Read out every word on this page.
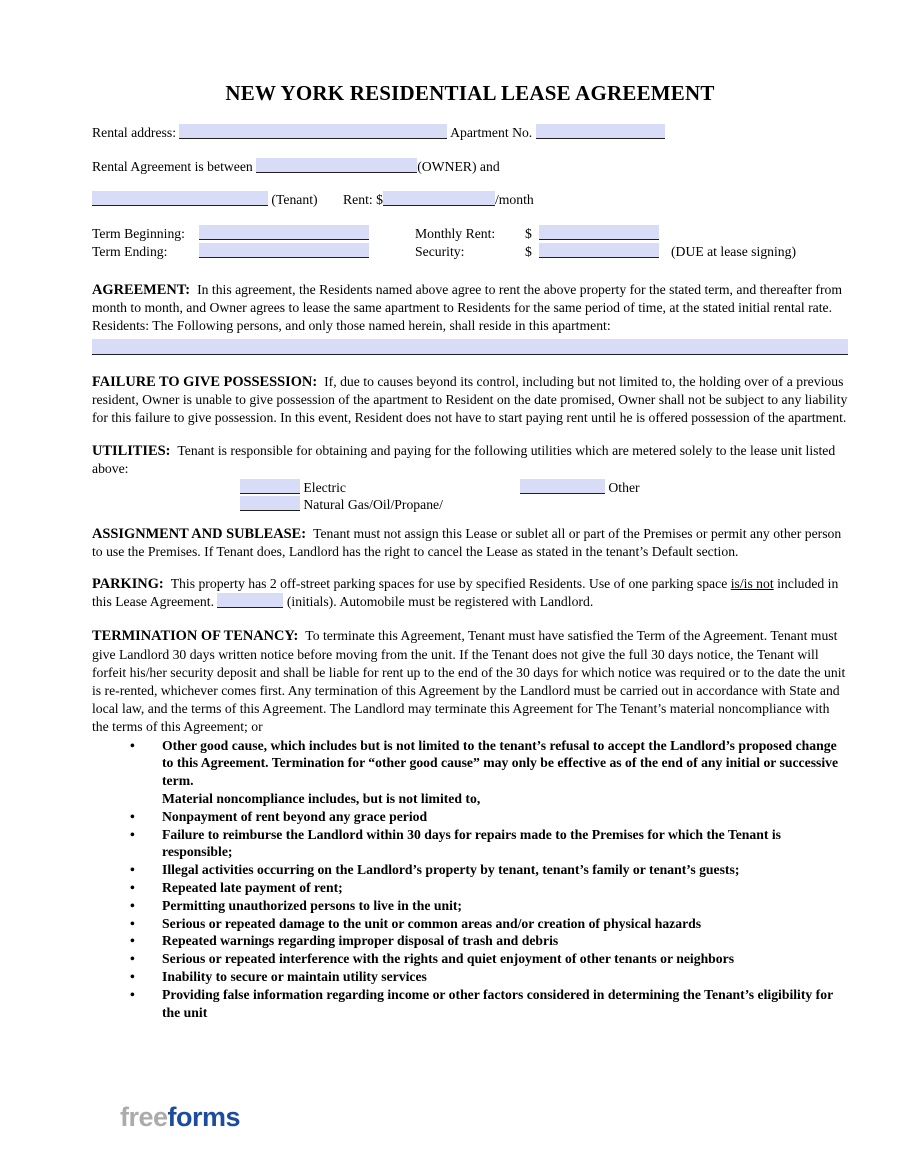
NEW YORK RESIDENTIAL LEASE AGREEMENT
Rental address:	Apartment No.
Rental Agreement is between	(OWNER) and
(Tenant) Rent: $	/month
Term Beginning:	Monthly Rent:	$
Term Ending:	Security:	$	(DUE at lease signing)
AGREEMENT: In this agreement, the Residents named above agree to rent the above property for the stated term, and thereafter from month to month, and Owner agrees to lease the same apartment to Residents for the same period of time, at the stated initial rental rate. Residents: The Following persons, and only those named herein, shall reside in this apartment:
FAILURE TO GIVE POSSESSION: If, due to causes beyond its control, including but not limited to, the holding over of a previous resident, Owner is unable to give possession of the apartment to Resident on the date promised, Owner shall not be subject to any liability for this failure to give possession. In this event, Resident does not have to start paying rent until he is offered possession of the apartment.
UTILITIES: Tenant is responsible for obtaining and paying for the following utilities which are metered solely to the lease unit listed above:
Electric	Other
Natural Gas/Oil/Propane/
ASSIGNMENT AND SUBLEASE: Tenant must not assign this Lease or sublet all or part of the Premises or permit any other person to use the Premises. If Tenant does, Landlord has the right to cancel the Lease as stated in the tenant’s Default section.
PARKING: This property has 2 off-street parking spaces for use by specified Residents. Use of one parking space is/is not included in this Lease Agreement.	(initials). Automobile must be registered with Landlord.
TERMINATION OF TENANCY: To terminate this Agreement, Tenant must have satisfied the Term of the Agreement. Tenant must give Landlord 30 days written notice before moving from the unit. If the Tenant does not give the full 30 days notice, the Tenant will forfeit his/her security deposit and shall be liable for rent up to the end of the 30 days for which notice was required or to the date the unit is re-rented, whichever comes first. Any termination of this Agreement by the Landlord must be carried out in accordance with State and local law, and the terms of this Agreement. The Landlord may terminate this Agreement for The Tenant’s material noncompliance with the terms of this Agreement; or
• Other good cause, which includes but is not limited to the tenant’s refusal to accept the Landlord’s proposed change to this Agreement. Termination for “other good cause” may only be effective as of the end of any initial or successive term.
Material noncompliance includes, but is not limited to,
• Nonpayment of rent beyond any grace period
• Failure to reimburse the Landlord within 30 days for repairs made to the Premises for which the Tenant is responsible;
• Illegal activities occurring on the Landlord’s property by tenant, tenant’s family or tenant’s guests;
• Repeated late payment of rent;
• Permitting unauthorized persons to live in the unit;
• Serious or repeated damage to the unit or common areas and/or creation of physical hazards
• Repeated warnings regarding improper disposal of trash and debris
• Serious or repeated interference with the rights and quiet enjoyment of other tenants or neighbors
• Inability to secure or maintain utility services
• Providing false information regarding income or other factors considered in determining the Tenant’s eligibility for the unit
freeforms
